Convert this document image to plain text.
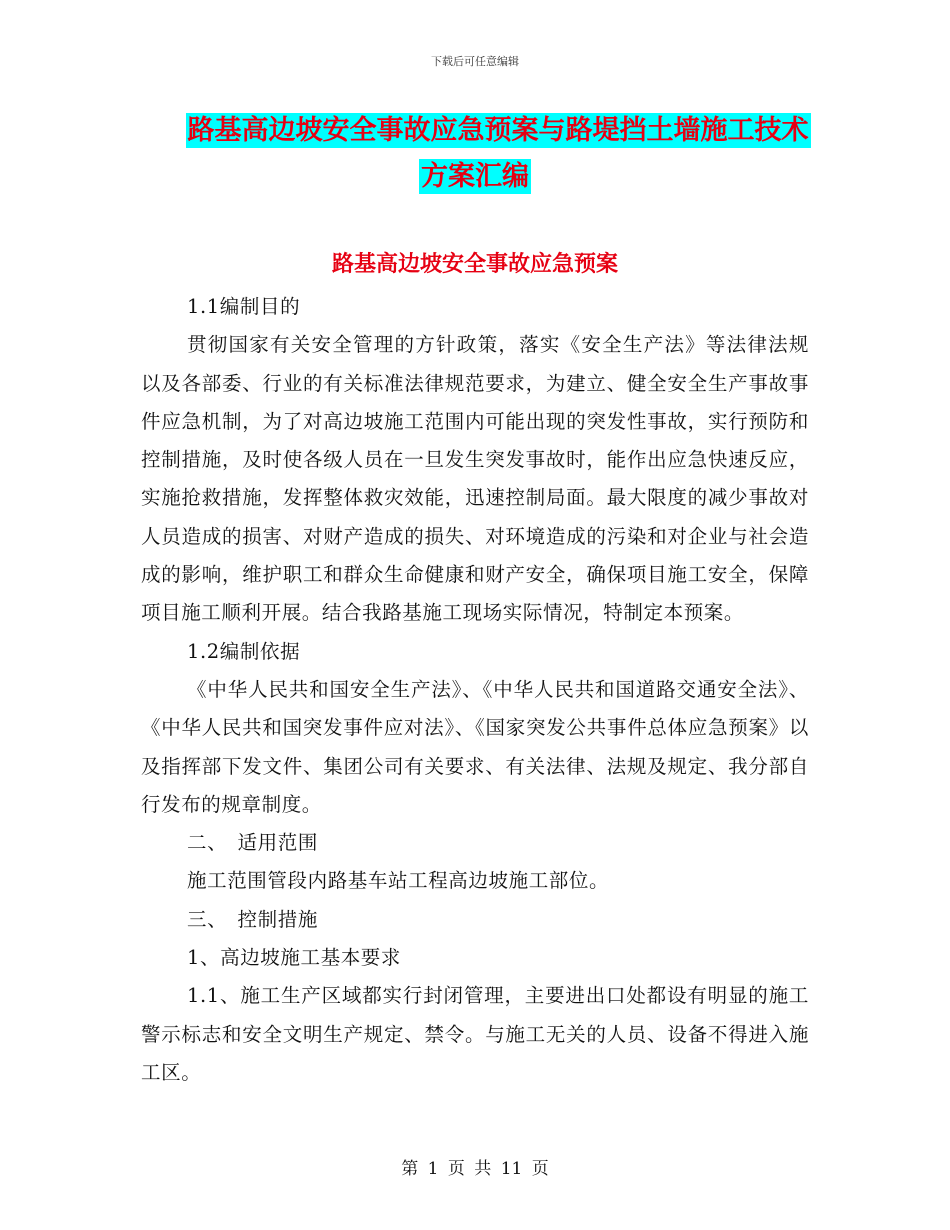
下载后可任意编辑
路基高边坡安全事故应急预案与路堤挡土墙施工技术
方案汇编
路基高边坡安全事故应急预案

1.1编制目的

贯彻国家有关安全管理的方针政策，落实《安全生产法》等法律法规以及各部委、行业的有关标准法律规范要求，为建立、健全安全生产事故事件应急机制，为了对高边坡施工范围内可能出现的突发性事故，实行预防和控制措施，及时使各级人员在一旦发生突发事故时，能作出应急快速反应，实施抢救措施，发挥整体救灾效能，迅速控制局面。最大限度的减少事故对人员造成的损害、对财产造成的损失、对环境造成的污染和对企业与社会造成的影响，维护职工和群众生命健康和财产安全，确保项目施工安全，保障项目施工顺利开展。结合我路基施工现场实际情况，特制定本预案。

1.2编制依据

《中华人民共和国安全生产法》、《中华人民共和国道路交通安全法》、《中华人民共和国突发事件应对法》、《国家突发公共事件总体应急预案》以及指挥部下发文件、集团公司有关要求、有关法律、法规及规定、我分部自行发布的规章制度。

二、　适用范围

施工范围管段内路基车站工程高边坡施工部位。

三、　控制措施

1、高边坡施工基本要求

1.1、施工生产区域都实行封闭管理，主要进出口处都设有明显的施工警示标志和安全文明生产规定、禁令。与施工无关的人员、设备不得进入施工区。

第 1 页 共 11 页
